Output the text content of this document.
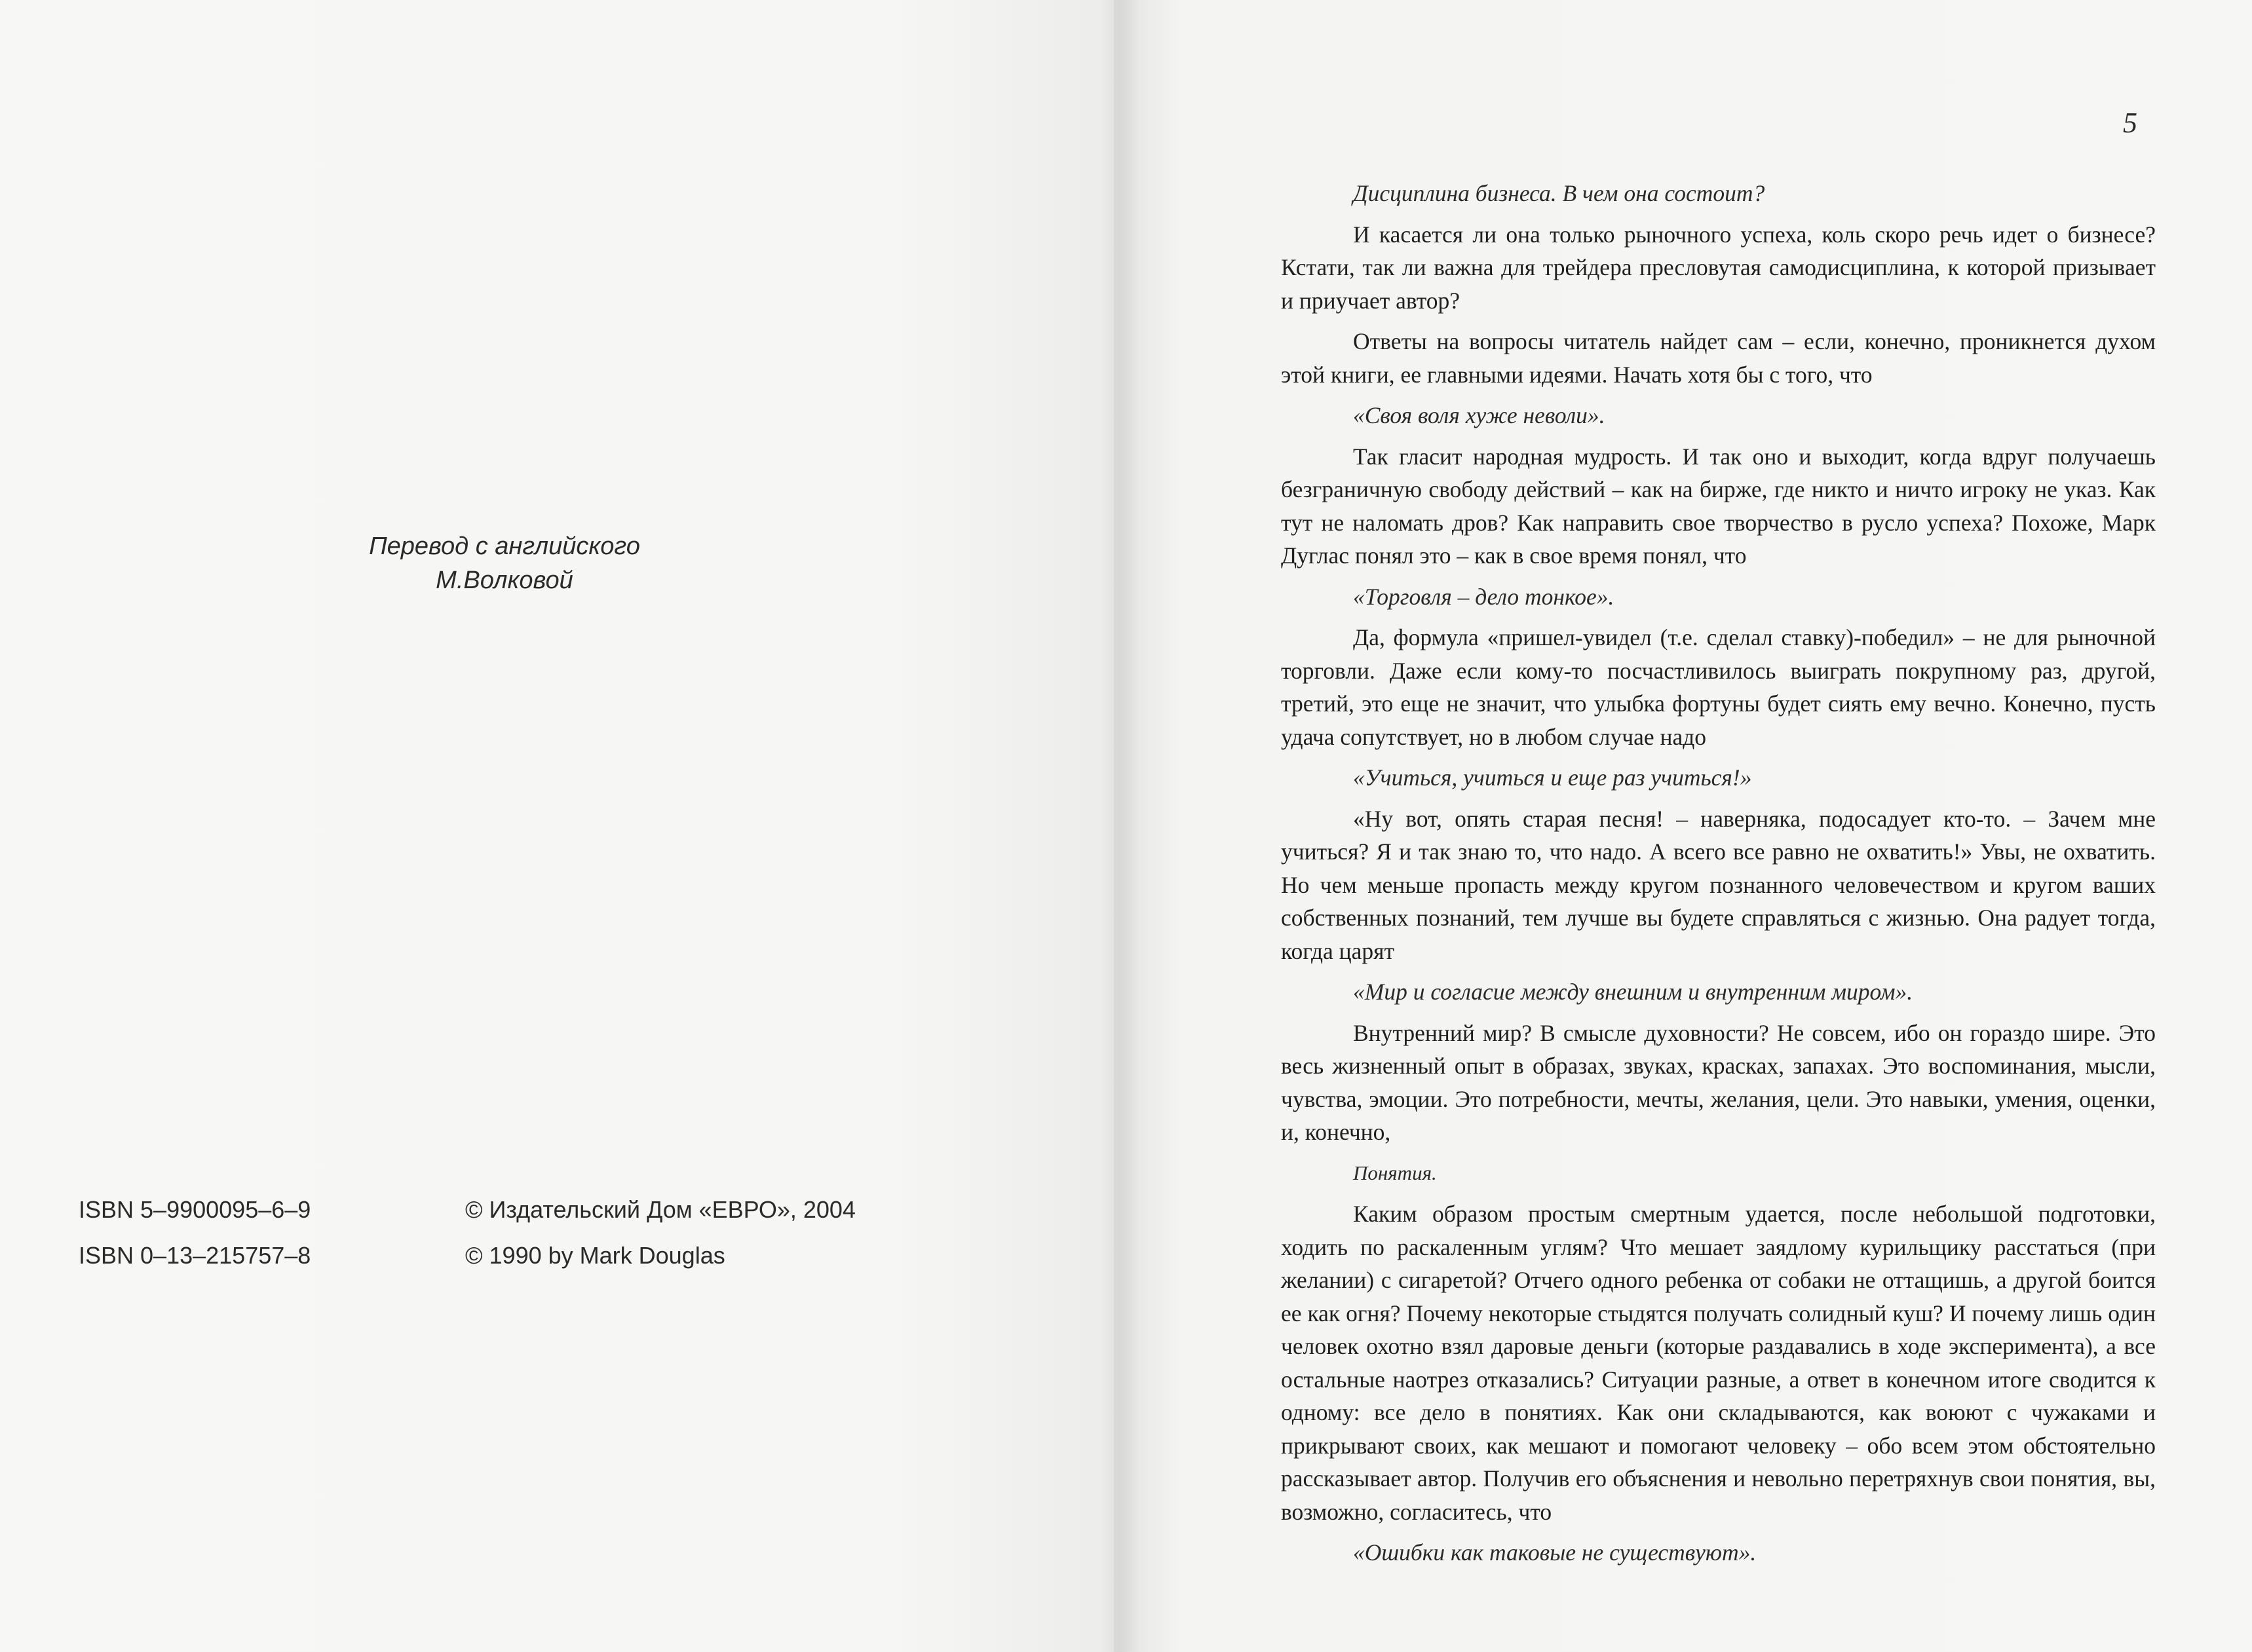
Перевод с английского
М.Волковой
ISBN 5–9900095–6–9
ISBN 0–13–215757–8
© Издательский Дом «ЕВРО», 2004
© 1990 by Mark Douglas
5

Дисциплина бизнеса. В чем она состоит?

И касается ли она только рыночного успеха, коль скоро речь идет о бизнесе? Кстати, так ли важна для трейдера пресловутая самодисциплина, к которой призывает и приучает автор?

Ответы на вопросы читатель найдет сам – если, конечно, проникнется духом этой книги, ее главными идеями. Начать хотя бы с того, что

«Своя воля хуже неволи».

Так гласит народная мудрость. И так оно и выходит, когда вдруг получаешь безграничную свободу действий – как на бирже, где никто и ничто игроку не указ. Как тут не наломать дров? Как направить свое творчество в русло успеха? Похоже, Марк Дуглас понял это – как в свое время понял, что

«Торговля – дело тонкое».

Да, формула «пришел-увидел (т.е. сделал ставку)-победил» – не для рыночной торговли. Даже если кому-то посчастливилось выиграть покрупному раз, другой, третий, это еще не значит, что улыбка фортуны будет сиять ему вечно. Конечно, пусть удача сопутствует, но в любом случае надо

«Учиться, учиться и еще раз учиться!»

«Ну вот, опять старая песня! – наверняка, подосадует кто-то. – Зачем мне учиться? Я и так знаю то, что надо. А всего все равно не охватить!» Увы, не охватить. Но чем меньше пропасть между кругом познанного человечеством и кругом ваших собственных познаний, тем лучше вы будете справляться с жизнью. Она радует тогда, когда царят

«Мир и согласие между внешним и внутренним миром».

Внутренний мир? В смысле духовности? Не совсем, ибо он гораздо шире. Это весь жизненный опыт в образах, звуках, красках, запахах. Это воспоминания, мысли, чувства, эмоции. Это потребности, мечты, желания, цели. Это навыки, умения, оценки, и, конечно,

Понятия.

Каким образом простым смертным удается, после небольшой подготовки, ходить по раскаленным углям? Что мешает заядлому курильщику расстаться (при желании) с сигаретой? Отчего одного ребенка от собаки не оттащишь, а другой боится ее как огня? Почему некоторые стыдятся получать солидный куш? И почему лишь один человек охотно взял даровые деньги (которые раздавались в ходе эксперимента), а все остальные наотрез отказались? Ситуации разные, а ответ в конечном итоге сводится к одному: все дело в понятиях. Как они складываются, как воюют с чужаками и прикрывают своих, как мешают и помогают человеку – обо всем этом обстоятельно рассказывает автор. Получив его объяснения и невольно перетряхнув свои понятия, вы, возможно, согласитесь, что

«Ошибки как таковые не существуют».
